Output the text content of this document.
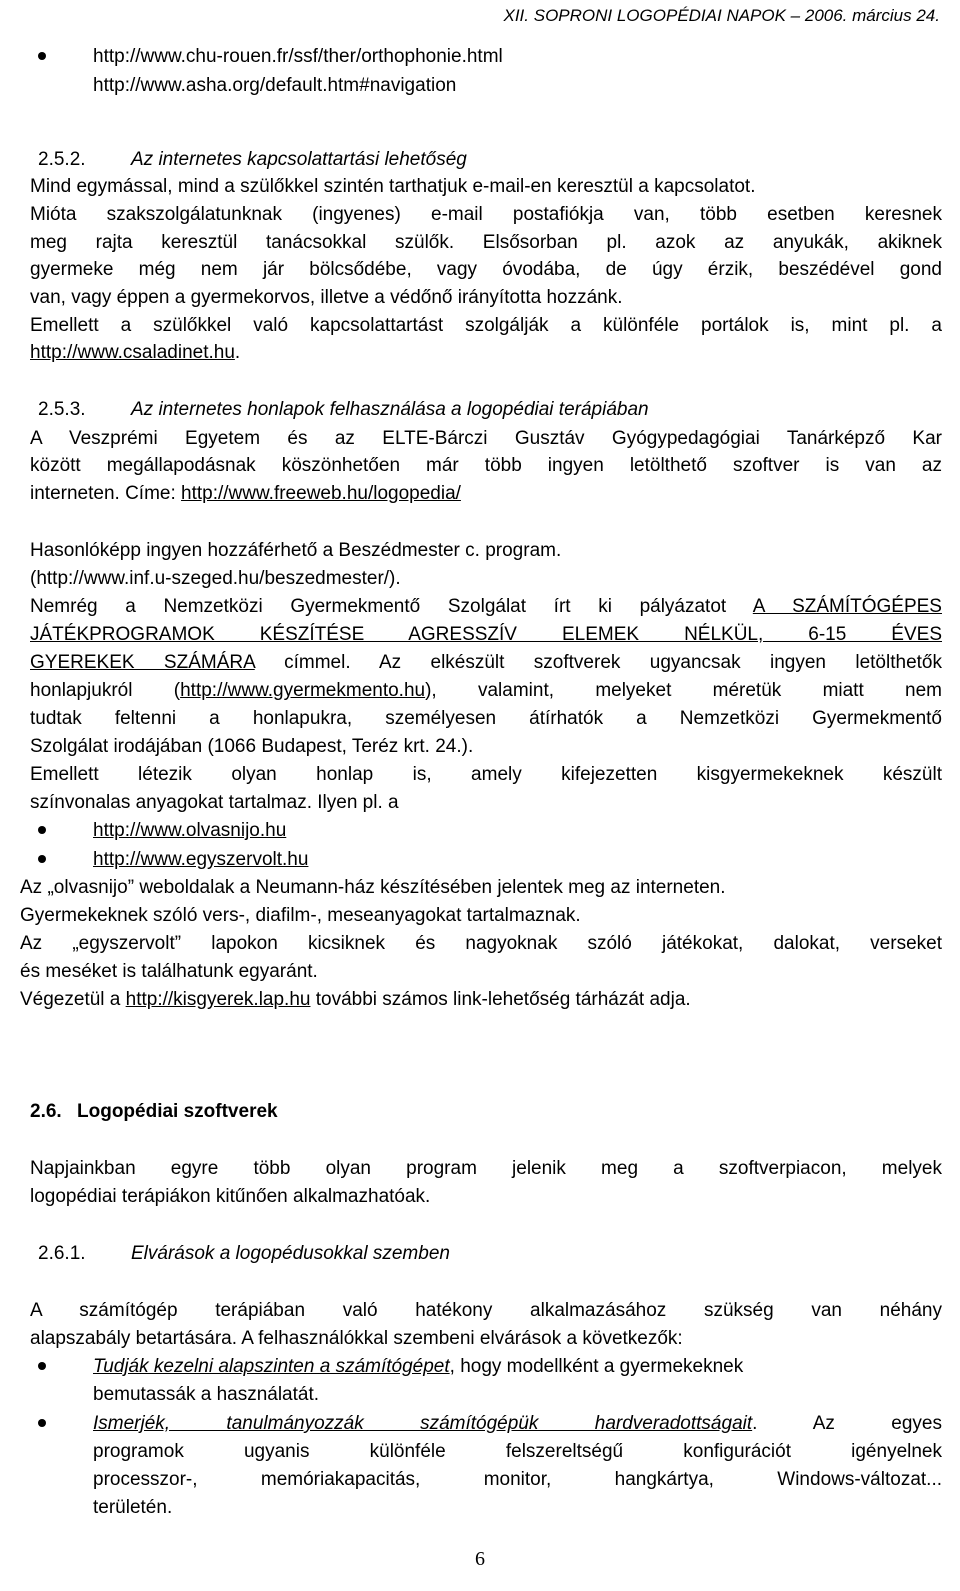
XII. SOPRONI LOGOPÉDIAI NAPOK – 2006. március 24.
http://www.chu-rouen.fr/ssf/ther/orthophonie.html
http://www.asha.org/default.htm#navigation
2.5.2. Az internetes kapcsolattartási lehetőség
Mind egymással, mind a szülőkkel szintén tarthatjuk e-mail-en keresztül a kapcsolatot.
Mióta szakszolgálatunknak (ingyenes) e-mail postafiókja van, több esetben keresnek
meg rajta keresztül tanácsokkal szülők. Elsősorban pl. azok az anyukák, akiknek
gyermeke még nem jár bölcsődébe, vagy óvodába, de úgy érzik, beszédével gond
van, vagy éppen a gyermekorvos, illetve a védőnő irányította hozzánk.
Emellett a szülőkkel való kapcsolattartást szolgálják a különféle portálok is, mint pl. a
http://www.csaladinet.hu.
2.5.3. Az internetes honlapok felhasználása a logopédiai terápiában
A Veszprémi Egyetem és az ELTE-Bárczi Gusztáv Gyógypedagógiai Tanárképző Kar
között megállapodásnak köszönhetően már több ingyen letölthető szoftver is van az
interneten. Címe: http://www.freeweb.hu/logopedia/
Hasonlóképp ingyen hozzáférhető a Beszédmester c. program.
(http://www.inf.u-szeged.hu/beszedmester/).
Nemrég a Nemzetközi Gyermekmentő Szolgálat írt ki pályázatot A SZÁMÍTÓGÉPES
JÁTÉKPROGRAMOK KÉSZÍTÉSE AGRESSZÍV ELEMEK NÉLKÜL, 6-15 ÉVES
GYEREKEK SZÁMÁRA címmel. Az elkészült szoftverek ugyancsak ingyen letölthetők
honlapjukról (http://www.gyermekmento.hu), valamint, melyeket méretük miatt nem
tudtak feltenni a honlapukra, személyesen átírhatók a Nemzetközi Gyermekmentő
Szolgálat irodájában (1066 Budapest, Teréz krt. 24.).
Emellett létezik olyan honlap is, amely kifejezetten kisgyermekeknek készült
színvonalas anyagokat tartalmaz. Ilyen pl. a
http://www.olvasnijo.hu
http://www.egyszervolt.hu
Az „olvasnijo” weboldalak a Neumann-ház készítésében jelentek meg az interneten.
Gyermekeknek szóló vers-, diafilm-, meseanyagokat tartalmaznak.
Az „egyszervolt” lapokon kicsiknek és nagyoknak szóló játékokat, dalokat, verseket
és meséket is találhatunk egyaránt.
Végezetül a http://kisgyerek.lap.hu további számos link-lehetőség tárházát adja.
2.6. Logopédiai szoftverek
Napjainkban egyre több olyan program jelenik meg a szoftverpiacon, melyek
logopédiai terápiákon kitűnően alkalmazhatóak.
2.6.1. Elvárások a logopédusokkal szemben
A számítógép terápiában való hatékony alkalmazásához szükség van néhány
alapszabály betartására. A felhasználókkal szembeni elvárások a következők:
Tudják kezelni alapszinten a számítógépet, hogy modellként a gyermekeknek
bemutassák a használatát.
Ismerjék, tanulmányozzák számítógépük hardveradottságait. Az egyes
programok ugyanis különféle felszereltségű konfigurációt igényelnek
processzor-, memóriakapacitás, monitor, hangkártya, Windows-változat...
területén.
6
